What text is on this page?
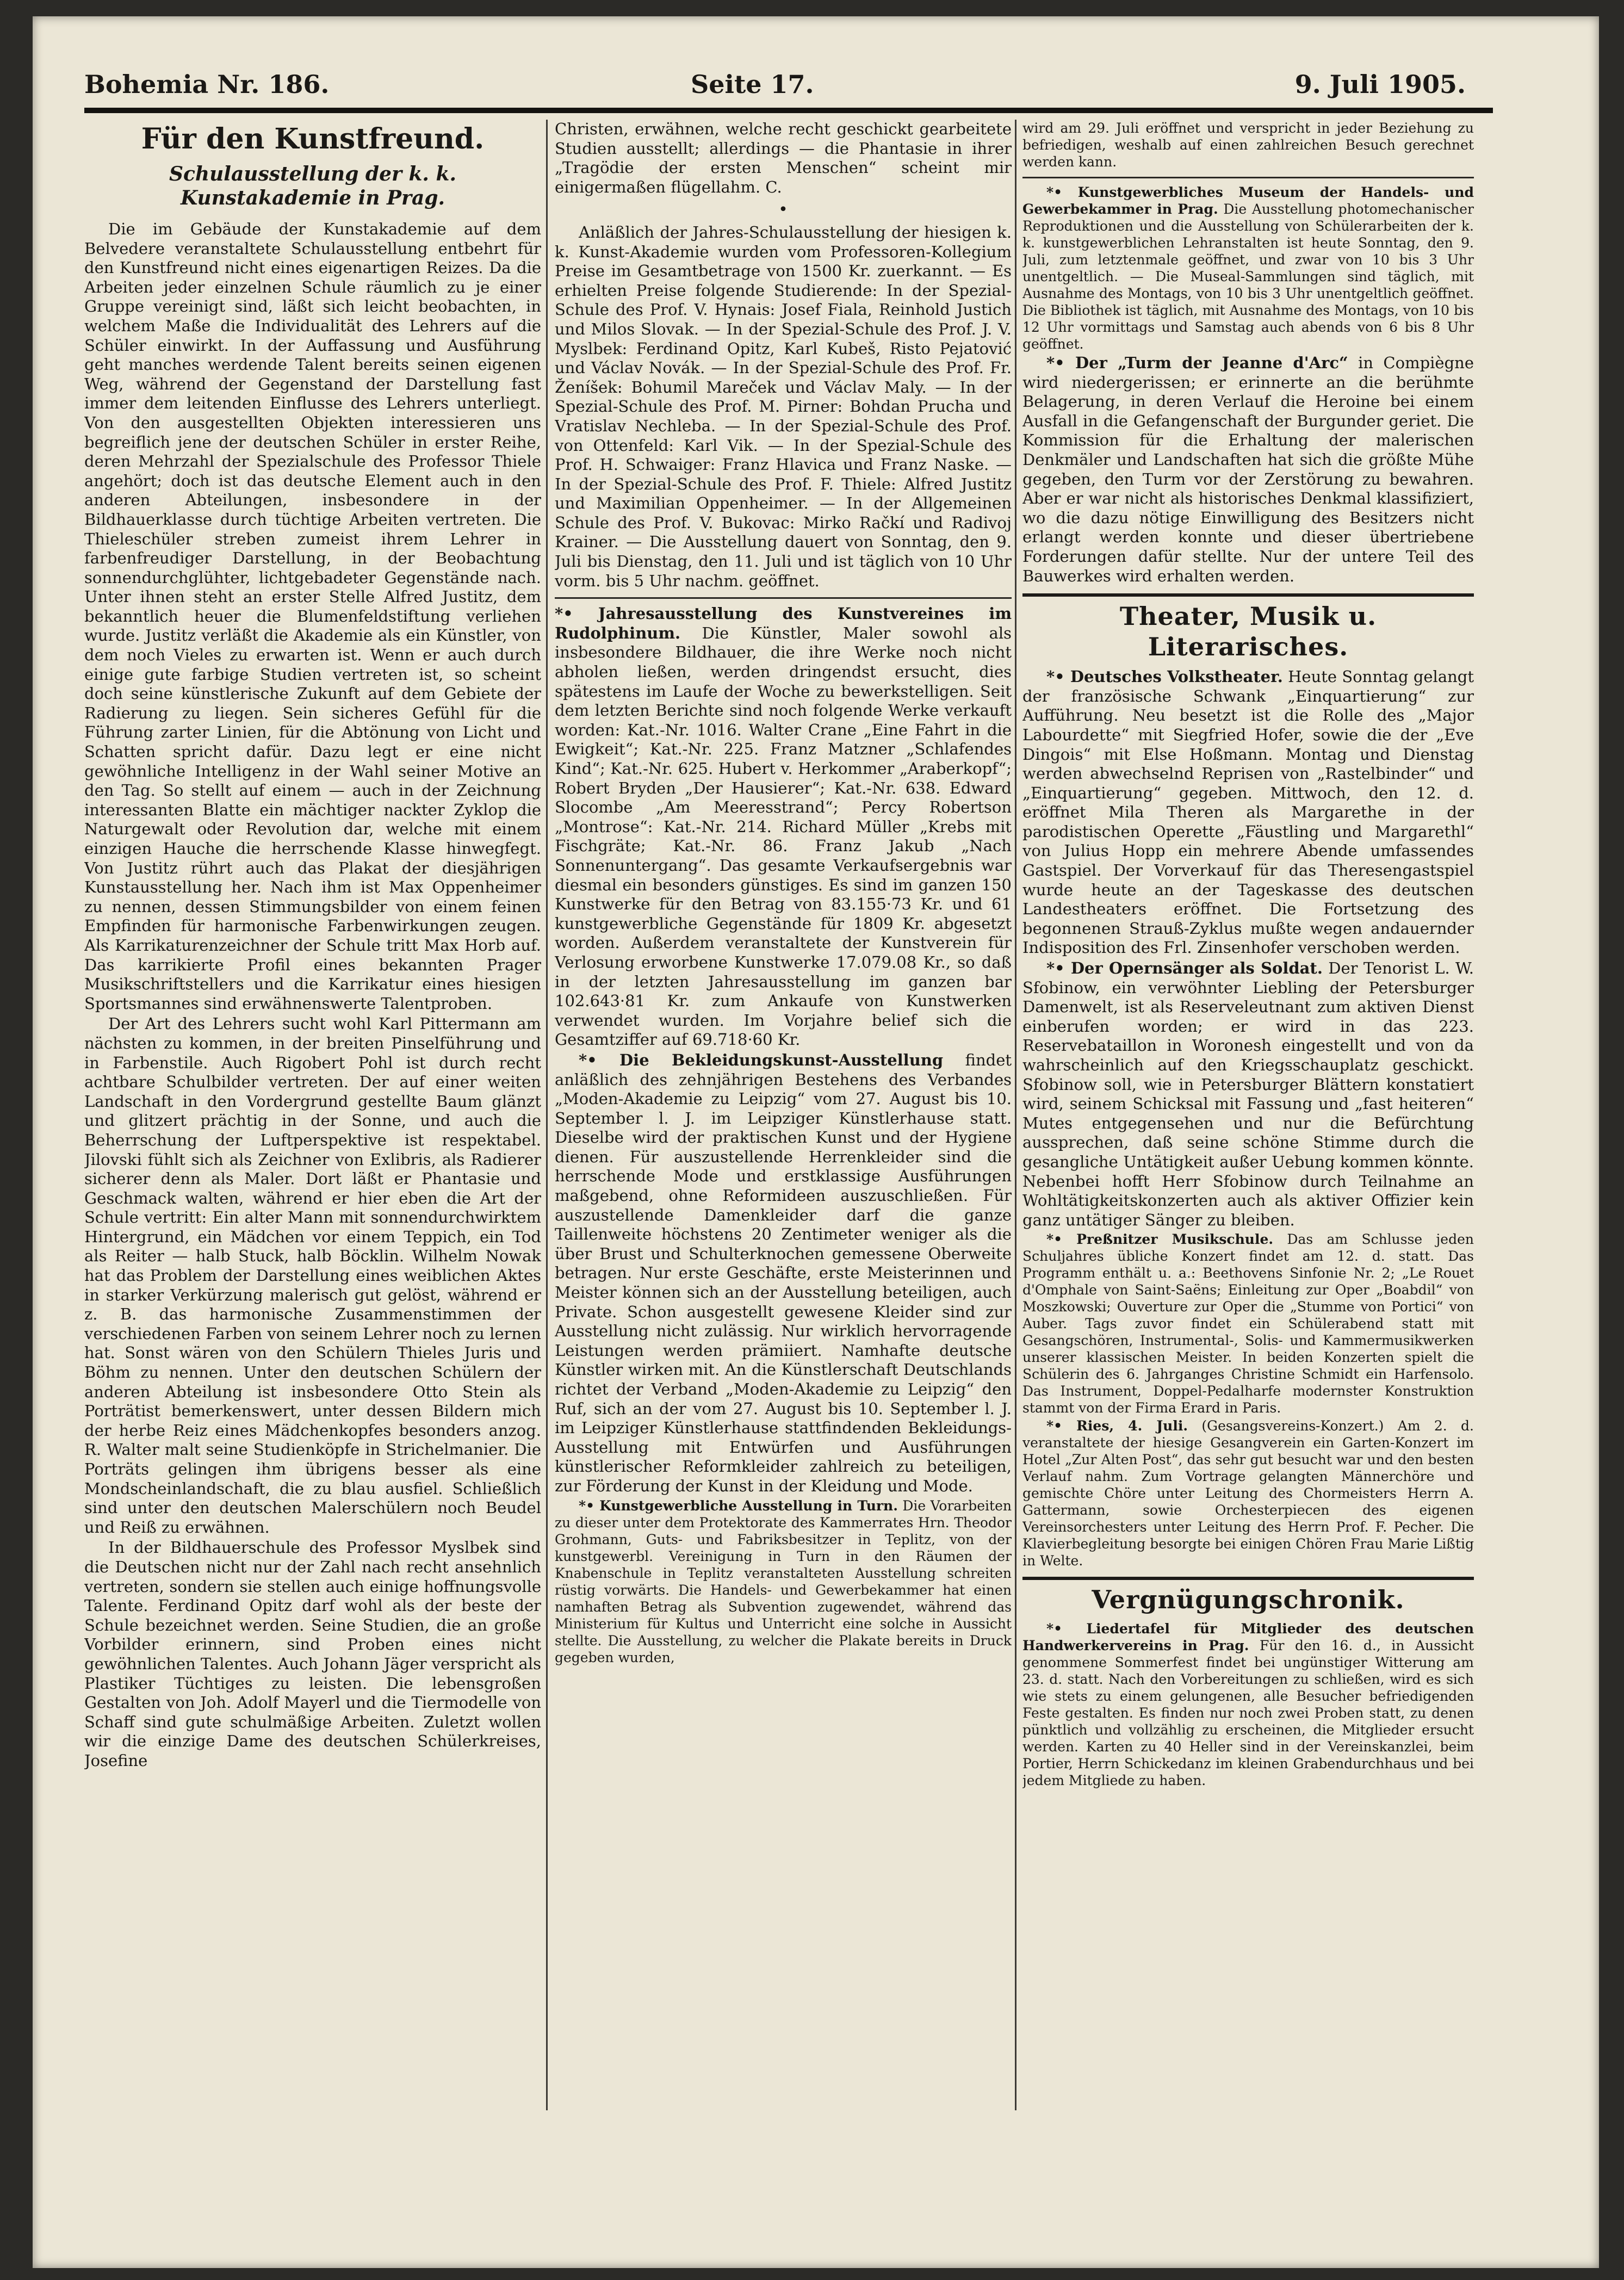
Bohemia Nr. 186.	Seite 17.	9. Juli 1905.
Für den Kunstfreund.
Schulausstellung der k. k. Kunstakademie in Prag.

Die im Gebäude der Kunstakademie auf dem Belvedere veranstaltete Schulausstellung entbehrt für den Kunstfreund nicht eines eigenartigen Reizes. Da die Arbeiten jeder einzelnen Schule räumlich zu je einer Gruppe vereinigt sind, läßt sich leicht beobachten, in welchem Maße die Individualität des Lehrers auf die Schüler einwirkt. In der Auffassung und Ausführung geht manches werdende Talent bereits seinen eigenen Weg, während der Gegenstand der Darstellung fast immer dem leitenden Einflusse des Lehrers unterliegt. Von den ausgestellten Objekten interessieren uns begreiflich jene der deutschen Schüler in erster Reihe, deren Mehrzahl der Spezialschule des Professor Thiele angehört; doch ist das deutsche Element auch in den anderen Abteilungen, insbesondere in der Bildhauerklasse durch tüchtige Arbeiten vertreten. Die Thieleschüler streben zumeist ihrem Lehrer in farbenfreudiger Darstellung, in der Beobachtung sonnendurchglühter, lichtgebadeter Gegenstände nach. Unter ihnen steht an erster Stelle Alfred Justitz, dem bekanntlich heuer die Blumenfeldstiftung verliehen wurde. Justitz verläßt die Akademie als ein Künstler, von dem noch Vieles zu erwarten ist. Wenn er auch durch einige gute farbige Studien vertreten ist, so scheint doch seine künstlerische Zukunft auf dem Gebiete der Radierung zu liegen. Sein sicheres Gefühl für die Führung zarter Linien, für die Abtönung von Licht und Schatten spricht dafür. Dazu legt er eine nicht gewöhnliche Intelligenz in der Wahl seiner Motive an den Tag. So stellt auf einem — auch in der Zeichnung interessanten Blatte ein mächtiger nackter Zyklop die Naturgewalt oder Revolution dar, welche mit einem einzigen Hauche die herrschende Klasse hinwegfegt. Von Justitz rührt auch das Plakat der diesjährigen Kunstausstellung her. Nach ihm ist Max Oppenheimer zu nennen, dessen Stimmungsbilder von einem feinen Empfinden für harmonische Farbenwirkungen zeugen. Als Karrikaturenzeichner der Schule tritt Max Horb auf. Das karrikierte Profil eines bekannten Prager Musikschriftstellers und die Karrikatur eines hiesigen Sportsmannes sind erwähnenswerte Talentproben.

Der Art des Lehrers sucht wohl Karl Pittermann am nächsten zu kommen, in der breiten Pinselführung und in Farbenstile. Auch Rigobert Pohl ist durch recht achtbare Schulbilder vertreten. Der auf einer weiten Landschaft in den Vordergrund gestellte Baum glänzt und glitzert prächtig in der Sonne, und auch die Beherrschung der Luftperspektive ist respektabel. Jilovski fühlt sich als Zeichner von Exlibris, als Radierer sicherer denn als Maler. Dort läßt er Phantasie und Geschmack walten, während er hier eben die Art der Schule vertritt: Ein alter Mann mit sonnendurchwirktem Hintergrund, ein Mädchen vor einem Teppich, ein Tod als Reiter — halb Stuck, halb Böcklin. Wilhelm Nowak hat das Problem der Darstellung eines weiblichen Aktes in starker Verkürzung malerisch gut gelöst, während er z. B. das harmonische Zusammenstimmen der verschiedenen Farben von seinem Lehrer noch zu lernen hat. Sonst wären von den Schülern Thieles Juris und Böhm zu nennen. Unter den deutschen Schülern der anderen Abteilung ist insbesondere Otto Stein als Porträtist bemerkenswert, unter dessen Bildern mich der herbe Reiz eines Mädchenkopfes besonders anzog. R. Walter malt seine Studienköpfe in Strichelmanier. Die Porträts gelingen ihm übrigens besser als eine Mondscheinlandschaft, die zu blau ausfiel. Schließlich sind unter den deutschen Malerschülern noch Beudel und Reiß zu erwähnen.

In der Bildhauerschule des Professor Myslbek sind die Deutschen nicht nur der Zahl nach recht ansehnlich vertreten, sondern sie stellen auch einige hoffnungsvolle Talente. Ferdinand Opitz darf wohl als der beste der Schule bezeichnet werden. Seine Studien, die an große Vorbilder erinnern, sind Proben eines nicht gewöhnlichen Talentes. Auch Johann Jäger verspricht als Plastiker Tüchtiges zu leisten. Die lebensgroßen Gestalten von Joh. Adolf Mayerl und die Tiermodelle von Schaff sind gute schulmäßige Arbeiten. Zuletzt wollen wir die einzige Dame des deutschen Schülerkreises, Josefine

Christen, erwähnen, welche recht geschickt gearbeitete Studien ausstellt; allerdings — die Phantasie in ihrer „Tragödie der ersten Menschen“ scheint mir einigermaßen flügellahm. C.

•

Anläßlich der Jahres-Schulausstellung der hiesigen k. k. Kunst-Akademie wurden vom Professoren-Kollegium Preise im Gesamtbetrage von 1500 Kr. zuerkannt. — Es erhielten Preise folgende Studierende: In der Spezial-Schule des Prof. V. Hynais: Josef Fiala, Reinhold Justich und Milos Slovak. — In der Spezial-Schule des Prof. J. V. Myslbek: Ferdinand Opitz, Karl Kubeš, Risto Pejatović und Václav Novák. — In der Spezial-Schule des Prof. Fr. Ženíšek: Bohumil Mareček und Václav Maly. — In der Spezial-Schule des Prof. M. Pirner: Bohdan Prucha und Vratislav Nechleba. — In der Spezial-Schule des Prof. von Ottenfeld: Karl Vik. — In der Spezial-Schule des Prof. H. Schwaiger: Franz Hlavica und Franz Naske. — In der Spezial-Schule des Prof. F. Thiele: Alfred Justitz und Maximilian Oppenheimer. — In der Allgemeinen Schule des Prof. V. Bukovac: Mirko Račkí und Radivoj Krainer. — Die Ausstellung dauert von Sonntag, den 9. Juli bis Dienstag, den 11. Juli und ist täglich von 10 Uhr vorm. bis 5 Uhr nachm. geöffnet.

*• Jahresausstellung des Kunstvereines im Rudolphinum. Die Künstler, Maler sowohl als insbesondere Bildhauer, die ihre Werke noch nicht abholen ließen, werden dringendst ersucht, dies spätestens im Laufe der Woche zu bewerkstelligen. Seit dem letzten Berichte sind noch folgende Werke verkauft worden: Kat.-Nr. 1016. Walter Crane „Eine Fahrt in die Ewigkeit“; Kat.-Nr. 225. Franz Matzner „Schlafendes Kind“; Kat.-Nr. 625. Hubert v. Herkommer „Araberkopf“; Robert Bryden „Der Hausierer“; Kat.-Nr. 638. Edward Slocombe „Am Meeresstrand“; Percy Robertson „Montrose“: Kat.-Nr. 214. Richard Müller „Krebs mit Fischgräte; Kat.-Nr. 86. Franz Jakub „Nach Sonnenuntergang“. Das gesamte Verkaufsergebnis war diesmal ein besonders günstiges. Es sind im ganzen 150 Kunstwerke für den Betrag von 83.155·73 Kr. und 61 kunstgewerbliche Gegenstände für 1809 Kr. abgesetzt worden. Außerdem veranstaltete der Kunstverein für Verlosung erworbene Kunstwerke 17.079.08 Kr., so daß in der letzten Jahresausstellung im ganzen bar 102.643·81 Kr. zum Ankaufe von Kunstwerken verwendet wurden. Im Vorjahre belief sich die Gesamtziffer auf 69.718·60 Kr.

*• Die Bekleidungskunst-Ausstellung findet anläßlich des zehnjährigen Bestehens des Verbandes „Moden-Akademie zu Leipzig“ vom 27. August bis 10. September l. J. im Leipziger Künstlerhause statt. Dieselbe wird der praktischen Kunst und der Hygiene dienen. Für auszustellende Herrenkleider sind die herrschende Mode und erstklassige Ausführungen maßgebend, ohne Reformideen auszuschließen. Für auszustellende Damenkleider darf die ganze Taillenweite höchstens 20 Zentimeter weniger als die über Brust und Schulterknochen gemessene Oberweite betragen. Nur erste Geschäfte, erste Meisterinnen und Meister können sich an der Ausstellung beteiligen, auch Private. Schon ausgestellt gewesene Kleider sind zur Ausstellung nicht zulässig. Nur wirklich hervorragende Leistungen werden prämiiert. Namhafte deutsche Künstler wirken mit. An die Künstlerschaft Deutschlands richtet der Verband „Moden-Akademie zu Leipzig“ den Ruf, sich an der vom 27. August bis 10. September l. J. im Leipziger Künstlerhause stattfindenden Bekleidungs-Ausstellung mit Entwürfen und Ausführungen künstlerischer Reformkleider zahlreich zu beteiligen, zur Förderung der Kunst in der Kleidung und Mode.

*• Kunstgewerbliche Ausstellung in Turn. Die Vorarbeiten zu dieser unter dem Protektorate des Kammerrates Hrn. Theodor Grohmann, Guts- und Fabriksbesitzer in Teplitz, von der kunstgewerbl. Vereinigung in Turn in den Räumen der Knabenschule in Teplitz veranstalteten Ausstellung schreiten rüstig vorwärts. Die Handels- und Gewerbekammer hat einen namhaften Betrag als Subvention zugewendet, während das Ministerium für Kultus und Unterricht eine solche in Aussicht stellte. Die Ausstellung, zu welcher die Plakate bereits in Druck gegeben wurden,

wird am 29. Juli eröffnet und verspricht in jeder Beziehung zu befriedigen, weshalb auf einen zahlreichen Besuch gerechnet werden kann.

*• Kunstgewerbliches Museum der Handels- und Gewerbekammer in Prag. Die Ausstellung photomechanischer Reproduktionen und die Ausstellung von Schülerarbeiten der k. k. kunstgewerblichen Lehranstalten ist heute Sonntag, den 9. Juli, zum letztenmale geöffnet, und zwar von 10 bis 3 Uhr unentgeltlich. — Die Museal-Sammlungen sind täglich, mit Ausnahme des Montags, von 10 bis 3 Uhr unentgeltlich geöffnet. Die Bibliothek ist täglich, mit Ausnahme des Montags, von 10 bis 12 Uhr vormittags und Samstag auch abends von 6 bis 8 Uhr geöffnet.

*• Der „Turm der Jeanne d'Arc“ in Compiègne wird niedergerissen; er erinnerte an die berühmte Belagerung, in deren Verlauf die Heroine bei einem Ausfall in die Gefangenschaft der Burgunder geriet. Die Kommission für die Erhaltung der malerischen Denkmäler und Landschaften hat sich die größte Mühe gegeben, den Turm vor der Zerstörung zu bewahren. Aber er war nicht als historisches Denkmal klassifiziert, wo die dazu nötige Einwilligung des Besitzers nicht erlangt werden konnte und dieser übertriebene Forderungen dafür stellte. Nur der untere Teil des Bauwerkes wird erhalten werden.

Theater, Musik u. Literarisches.

*• Deutsches Volkstheater. Heute Sonntag gelangt der französische Schwank „Einquartierung“ zur Aufführung. Neu besetzt ist die Rolle des „Major Labourdette“ mit Siegfried Hofer, sowie die der „Eve Dingois“ mit Else Hoßmann. Montag und Dienstag werden abwechselnd Reprisen von „Rastelbinder“ und „Einquartierung“ gegeben. Mittwoch, den 12. d. eröffnet Mila Theren als Margarethe in der parodistischen Operette „Fäustling und Margarethl“ von Julius Hopp ein mehrere Abende umfassendes Gastspiel. Der Vorverkauf für das Theresengastspiel wurde heute an der Tageskasse des deutschen Landestheaters eröffnet. Die Fortsetzung des begonnenen Strauß-Zyklus mußte wegen andauernder Indisposition des Frl. Zinsenhofer verschoben werden.

*• Der Opernsänger als Soldat. Der Tenorist L. W. Sfobinow, ein verwöhnter Liebling der Petersburger Damenwelt, ist als Reserveleutnant zum aktiven Dienst einberufen worden; er wird in das 223. Reservebataillon in Woronesh eingestellt und von da wahrscheinlich auf den Kriegsschauplatz geschickt. Sfobinow soll, wie in Petersburger Blättern konstatiert wird, seinem Schicksal mit Fassung und „fast heiteren“ Mutes entgegensehen und nur die Befürchtung aussprechen, daß seine schöne Stimme durch die gesangliche Untätigkeit außer Uebung kommen könnte. Nebenbei hofft Herr Sfobinow durch Teilnahme an Wohltätigkeitskonzerten auch als aktiver Offizier kein ganz untätiger Sänger zu bleiben.

*• Preßnitzer Musikschule. Das am Schlusse jeden Schuljahres übliche Konzert findet am 12. d. statt. Das Programm enthält u. a.: Beethovens Sinfonie Nr. 2; „Le Rouet d'Omphale von Saint-Saëns; Einleitung zur Oper „Boabdil“ von Moszkowski; Ouverture zur Oper die „Stumme von Portici“ von Auber. Tags zuvor findet ein Schülerabend statt mit Gesangschören, Instrumental-, Solis- und Kammermusikwerken unserer klassischen Meister. In beiden Konzerten spielt die Schülerin des 6. Jahrganges Christine Schmidt ein Harfensolo. Das Instrument, Doppel-Pedalharfe modernster Konstruktion stammt von der Firma Erard in Paris.

*• Ries, 4. Juli. (Gesangsvereins-Konzert.) Am 2. d. veranstaltete der hiesige Gesangverein ein Garten-Konzert im Hotel „Zur Alten Post“, das sehr gut besucht war und den besten Verlauf nahm. Zum Vortrage gelangten Männerchöre und gemischte Chöre unter Leitung des Chormeisters Herrn A. Gattermann, sowie Orchesterpiecen des eigenen Vereinsorchesters unter Leitung des Herrn Prof. F. Pecher. Die Klavierbegleitung besorgte bei einigen Chören Frau Marie Lißtig in Welte.

Vergnügungschronik.

*• Liedertafel für Mitglieder des deutschen Handwerkervereins in Prag. Für den 16. d., in Aussicht genommene Sommerfest findet bei ungünstiger Witterung am 23. d. statt. Nach den Vorbereitungen zu schließen, wird es sich wie stets zu einem gelungenen, alle Besucher befriedigenden Feste gestalten. Es finden nur noch zwei Proben statt, zu denen pünktlich und vollzählig zu erscheinen, die Mitglieder ersucht werden. Karten zu 40 Heller sind in der Vereinskanzlei, beim Portier, Herrn Schickedanz im kleinen Grabendurchhaus und bei jedem Mitgliede zu haben.
